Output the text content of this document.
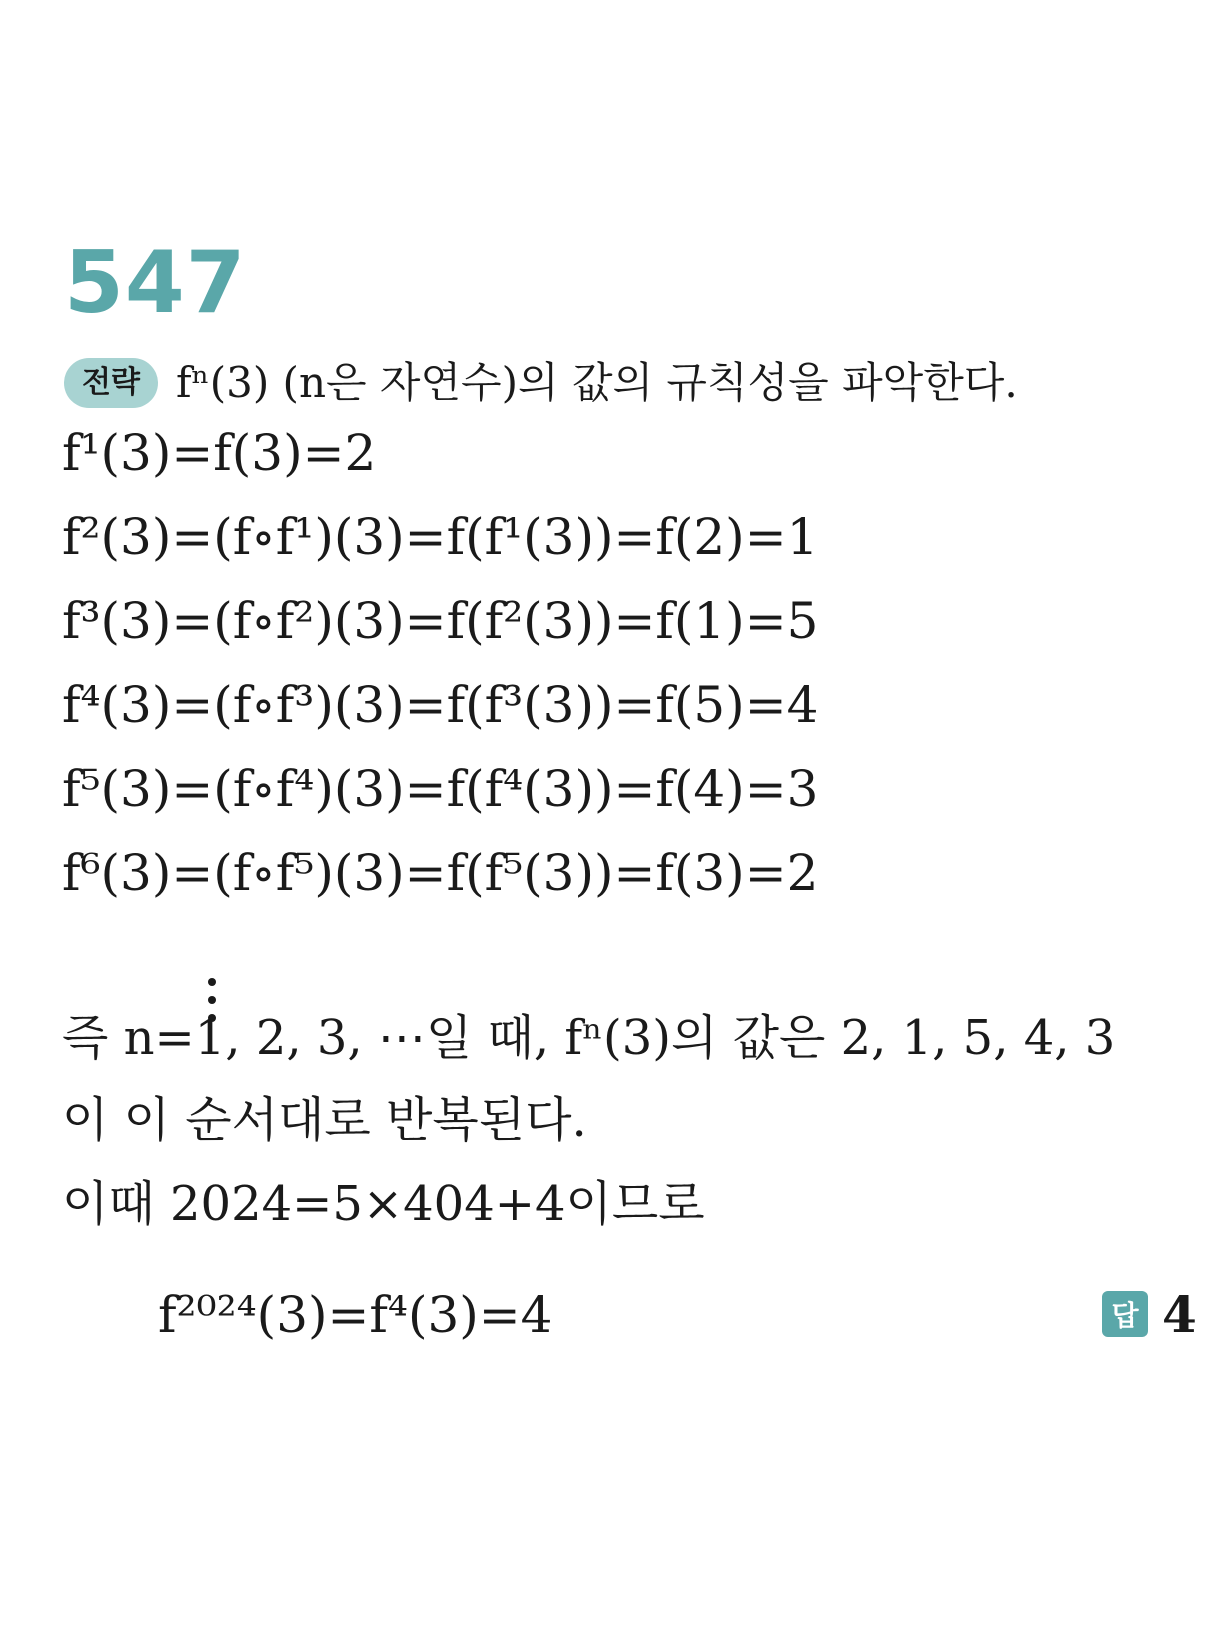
547
전략 fⁿ(3) (n은 자연수)의 값의 규칙성을 파악한다.
f¹(3)=f(3)=2
f²(3)=(f∘f¹)(3)=f(f¹(3))=f(2)=1
f³(3)=(f∘f²)(3)=f(f²(3))=f(1)=5
f⁴(3)=(f∘f³)(3)=f(f³(3))=f(5)=4
f⁵(3)=(f∘f⁴)(3)=f(f⁴(3))=f(4)=3
f⁶(3)=(f∘f⁵)(3)=f(f⁵(3))=f(3)=2
즉 n=1, 2, 3, ⋯일 때, fⁿ(3)의 값은 2, 1, 5, 4, 3
이 이 순서대로 반복된다.
이때 2024=5×404+4이므로
f²⁰²⁴(3)=f⁴(3)=4	답 4
